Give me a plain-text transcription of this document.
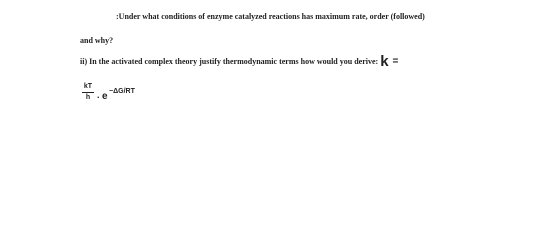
:Under what conditions of enzyme catalyzed reactions has maximum rate, order (followed)
and why?
ii) In the activated complex theory justify thermodynamic terms how would you derive: k =
$\frac{kT}{h}$ . e −ΔG/RT
